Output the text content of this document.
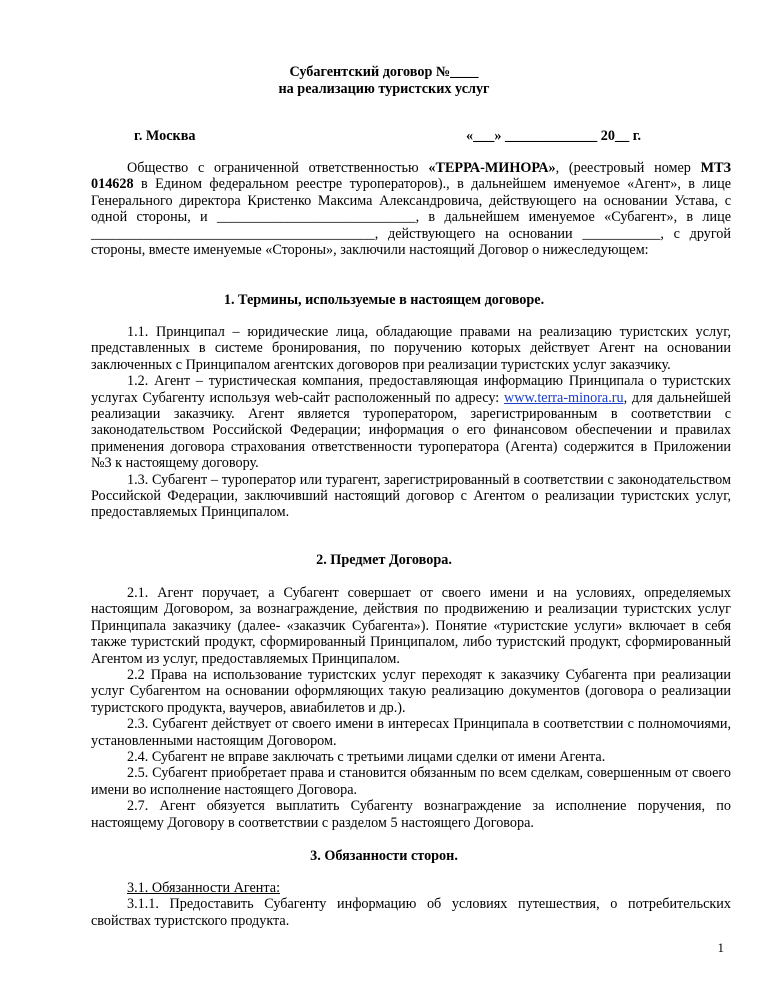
Субагентский договор №____
на реализацию туристских услуг
г. Москва	«___» _____________ 20__ г.

Общество с ограниченной ответственностью «ТЕРРА-МИНОРА», (реестровый номер МТЗ 014628 в Едином федеральном реестре туроператоров)., в дальнейшем именуемое «Агент», в лице Генерального директора Кристенко Максима Александровича, действующего на основании Устава, с одной стороны, и ____________________________, в дальнейшем именуемое «Субагент», в лице ________________________________________, действующего на основании ___________, с другой стороны, вместе именуемые «Стороны», заключили настоящий Договор о нижеследующем:

1. Термины, используемые в настоящем договоре.

1.1. Принципал – юридические лица, обладающие правами на реализацию туристских услуг, представленных в системе бронирования, по поручению которых действует Агент на основании заключенных с Принципалом агентских договоров при реализации туристских услуг заказчику.

1.2. Агент – туристическая компания, предоставляющая информацию Принципала о туристских услугах Субагенту используя web-сайт расположенный по адресу: www.terra-minora.ru, для дальнейшей реализации заказчику. Агент является туроператором, зарегистрированным в соответствии с законодательством Российской Федерации; информация о его финансовом обеспечении и правилах применения договора страхования ответственности туроператора (Агента) содержится в Приложении №3 к настоящему договору.

1.3. Субагент – туроператор или турагент, зарегистрированный в соответствии с законодательством Российской Федерации, заключивший настоящий договор с Агентом о реализации туристских услуг, предоставляемых Принципалом.

2. Предмет Договора.

2.1. Агент поручает, а Субагент совершает от своего имени и на условиях, определяемых настоящим Договором, за вознаграждение, действия по продвижению и реализации туристских услуг Принципала заказчику (далее- «заказчик Субагента»). Понятие «туристские услуги» включает в себя также туристский продукт, сформированный Принципалом, либо туристский продукт, сформированный Агентом из услуг, предоставляемых Принципалом.

2.2 Права на использование туристских услуг переходят к заказчику Субагента при реализации услуг Субагентом на основании оформляющих такую реализацию документов (договора о реализации туристского продукта, ваучеров, авиабилетов и др.).

2.3. Субагент действует от своего имени в интересах Принципала в соответствии с полномочиями, установленными настоящим Договором.

2.4. Субагент не вправе заключать с третьими лицами сделки от имени Агента.

2.5. Субагент приобретает права и становится обязанным по всем сделкам, совершенным от своего имени во исполнение настоящего Договора.

2.7. Агент обязуется выплатить Субагенту вознаграждение за исполнение поручения, по настоящему Договору в соответствии с разделом 5 настоящего Договора.

3. Обязанности сторон.

3.1. Обязанности Агента:

3.1.1. Предоставить Субагенту информацию об условиях путешествия, о потребительских свойствах туристского продукта.

1
